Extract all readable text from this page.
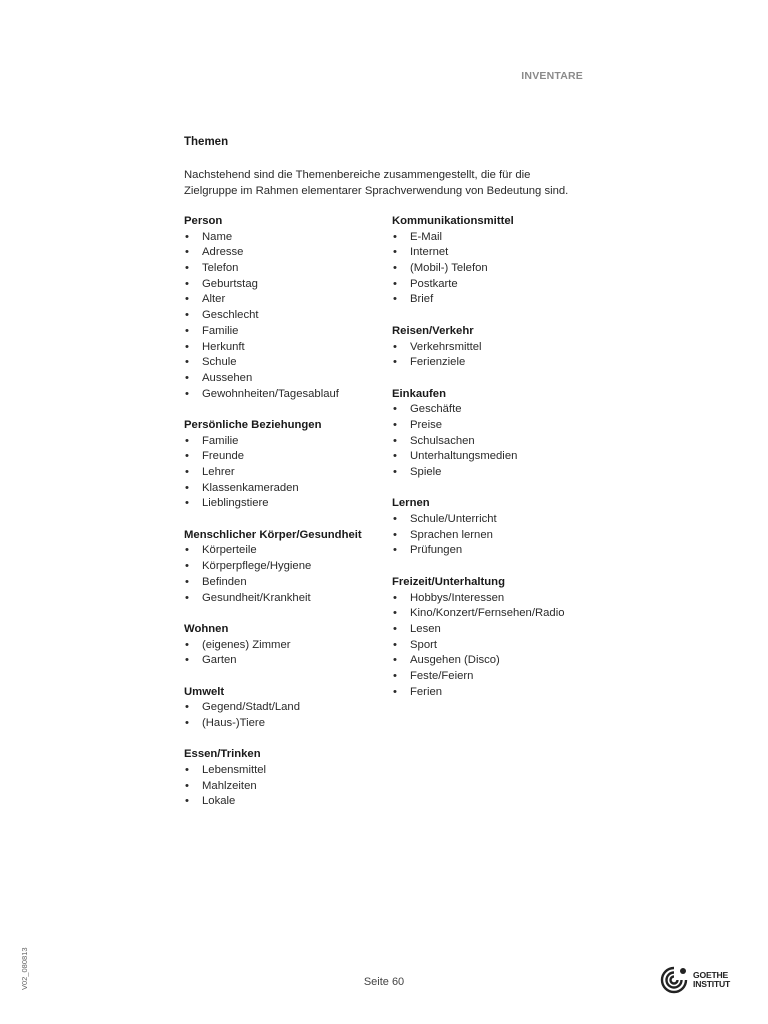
INVENTARE
Themen
Nachstehend sind die Themenbereiche zusammengestellt, die für die
Zielgruppe im Rahmen elementarer Sprachverwendung von Bedeutung sind.
Person
• Name
• Adresse
• Telefon
• Geburtstag
• Alter
• Geschlecht
• Familie
• Herkunft
• Schule
• Aussehen
• Gewohnheiten/Tagesablauf
Persönliche Beziehungen
• Familie
• Freunde
• Lehrer
• Klassenkameraden
• Lieblingstiere
Menschlicher Körper/Gesundheit
• Körperteile
• Körperpflege/Hygiene
• Befinden
• Gesundheit/Krankheit
Wohnen
• (eigenes) Zimmer
• Garten
Umwelt
• Gegend/Stadt/Land
• (Haus-)Tiere
Essen/Trinken
• Lebensmittel
• Mahlzeiten
• Lokale
Kommunikationsmittel
• E-Mail
• Internet
• (Mobil-) Telefon
• Postkarte
• Brief
Reisen/Verkehr
• Verkehrsmittel
• Ferienziele
Einkaufen
• Geschäfte
• Preise
• Schulsachen
• Unterhaltungsmedien
• Spiele
Lernen
• Schule/Unterricht
• Sprachen lernen
• Prüfungen
Freizeit/Unterhaltung
• Hobbys/Interessen
• Kino/Konzert/Fernsehen/Radio
• Lesen
• Sport
• Ausgehen (Disco)
• Feste/Feiern
• Ferien
V02_080813	Seite 60
GOETHE
INSTITUT
